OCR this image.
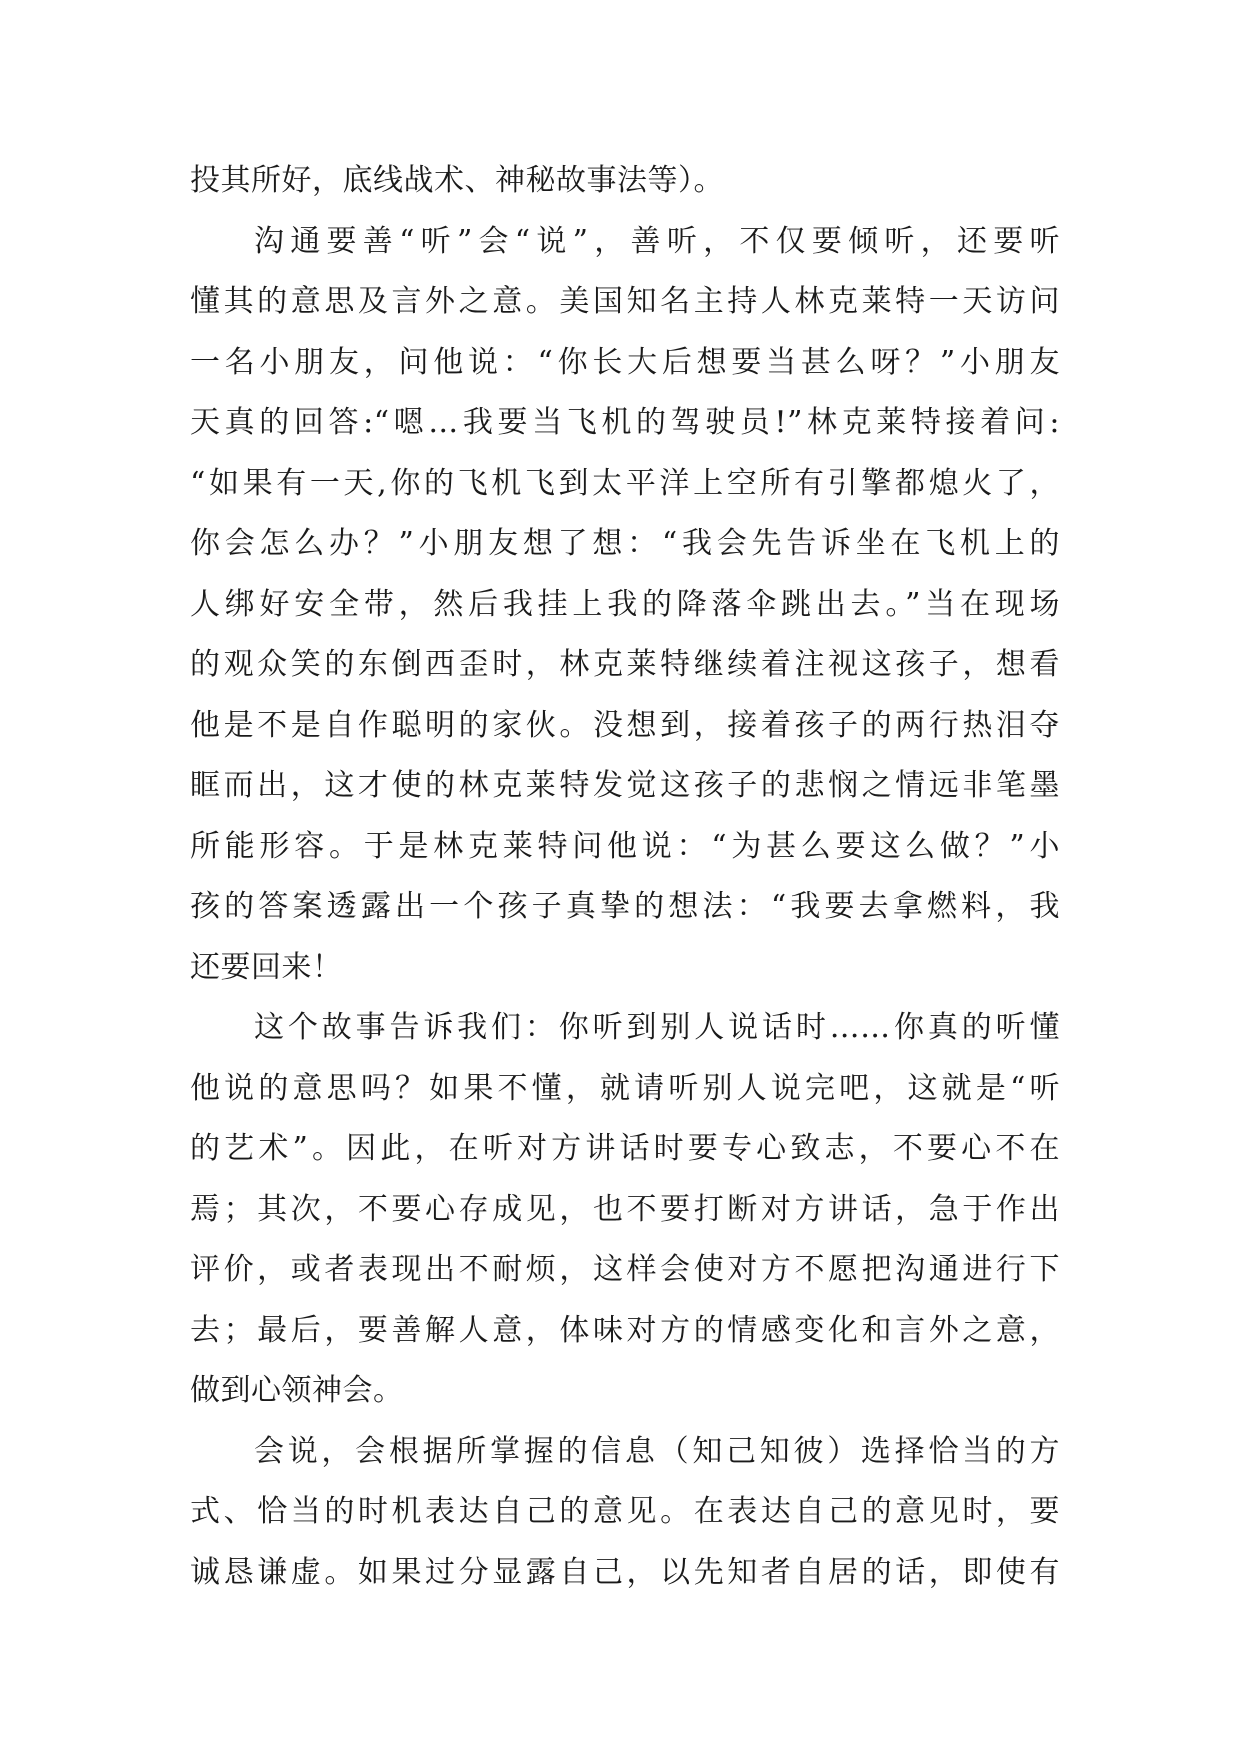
投其所好，底线战术、神秘故事法等）。
沟通要善“听”会“说”，善听，不仅要倾听，还要听
懂其的意思及言外之意。美国知名主持人林克莱特一天访问
一名小朋友，问他说：“你长大后想要当甚么呀？”小朋友
天真的回答:“嗯…我要当飞机的驾驶员!”林克莱特接着问:
“如果有一天,你的飞机飞到太平洋上空所有引擎都熄火了，
你会怎么办？”小朋友想了想：“我会先告诉坐在飞机上的
人绑好安全带，然后我挂上我的降落伞跳出去。”当在现场
的观众笑的东倒西歪时，林克莱特继续着注视这孩子，想看
他是不是自作聪明的家伙。没想到，接着孩子的两行热泪夺
眶而出，这才使的林克莱特发觉这孩子的悲悯之情远非笔墨
所能形容。于是林克莱特问他说：“为甚么要这么做？”小
孩的答案透露出一个孩子真挚的想法：“我要去拿燃料，我
还要回来！
这个故事告诉我们：你听到别人说话时……你真的听懂
他说的意思吗？如果不懂，就请听别人说完吧，这就是“听
的艺术”。因此，在听对方讲话时要专心致志，不要心不在
焉；其次，不要心存成见，也不要打断对方讲话，急于作出
评价，或者表现出不耐烦，这样会使对方不愿把沟通进行下
去；最后，要善解人意，体味对方的情感变化和言外之意，
做到心领神会。
会说，会根据所掌握的信息（知己知彼）选择恰当的方
式、恰当的时机表达自己的意见。在表达自己的意见时，要
诚恳谦虚。如果过分显露自己，以先知者自居的话，即使有
